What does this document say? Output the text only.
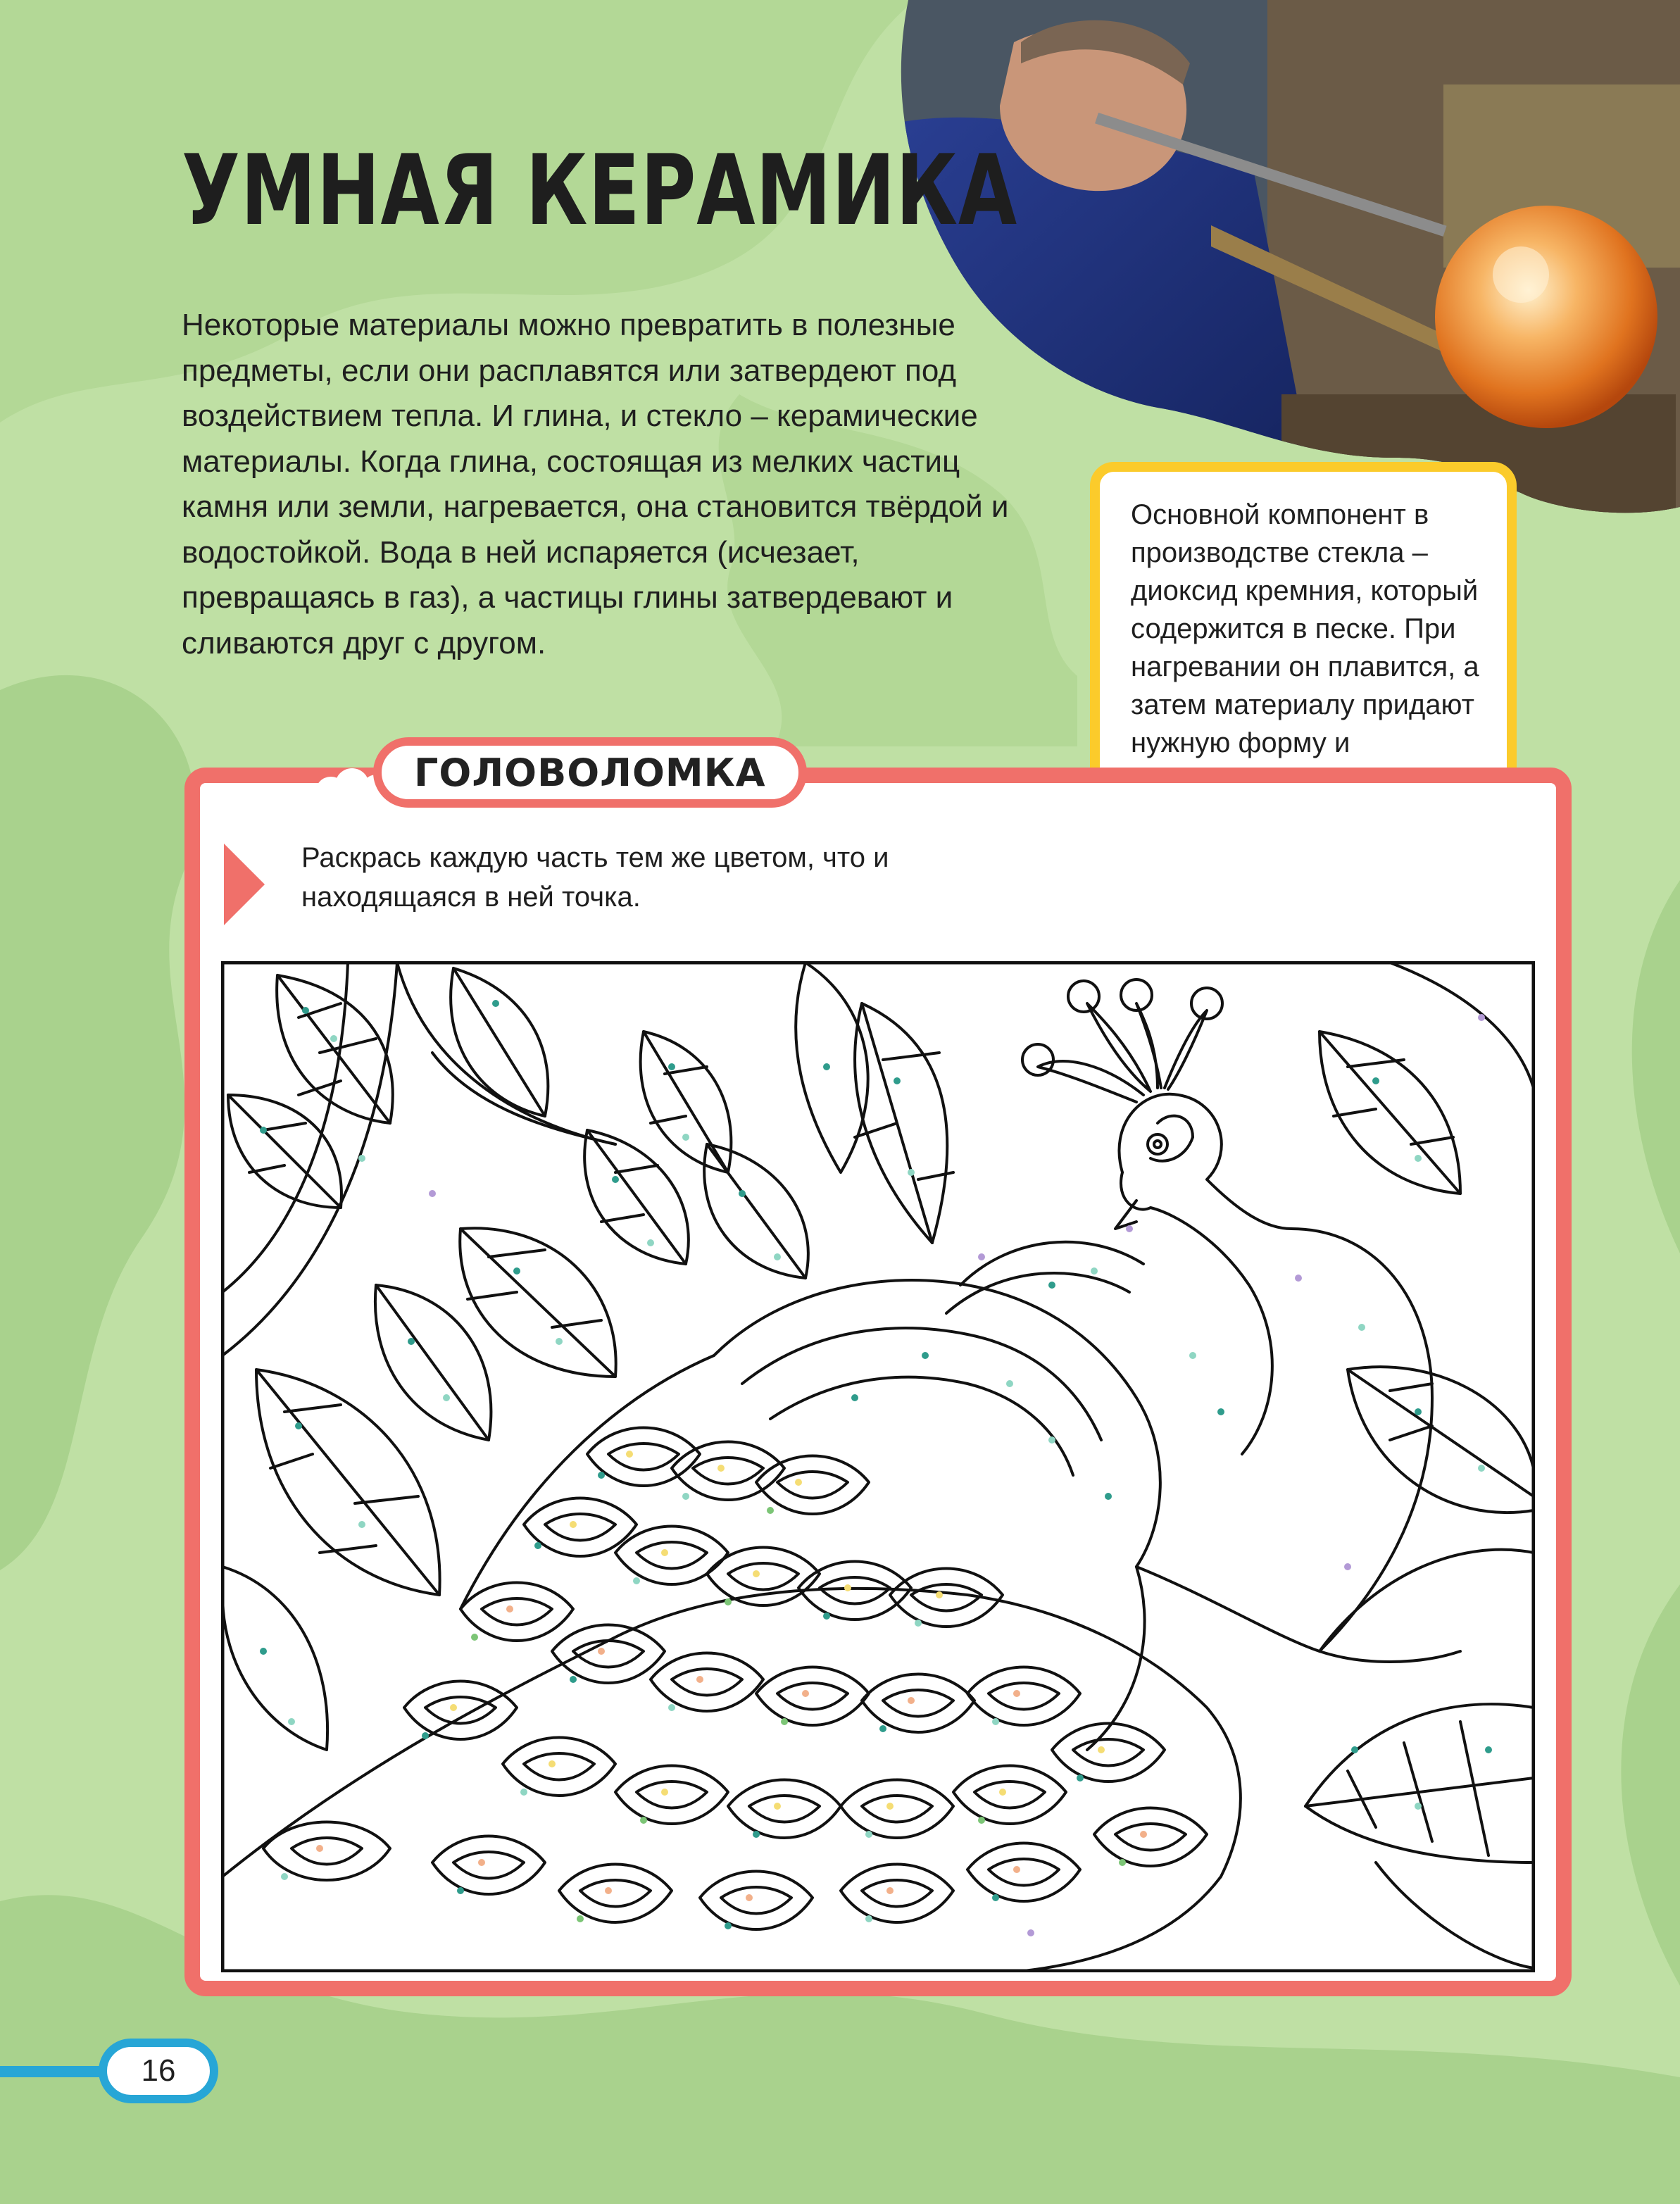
УМНАЯ КЕРАМИКА

Некоторые материалы можно превратить в полезные предметы, если они расплавятся или затвердеют под воздействием тепла. И глина, и стекло – керамические материалы. Когда глина, состоящая из мелких частиц камня или земли, нагревается, она становится твёрдой и водостойкой. Вода в ней испаряется (исчезает, превращаясь в газ), а частицы глины затвердевают и сливаются друг с другом.

Основной компонент в производстве стекла – диоксид кремния, который содержится в песке. При нагревании он плавится, а затем материалу придают нужную форму и

ГОЛОВОЛОМКА

Раскрась каждую часть тем же цветом, что и находящаяся в ней точка.

16
